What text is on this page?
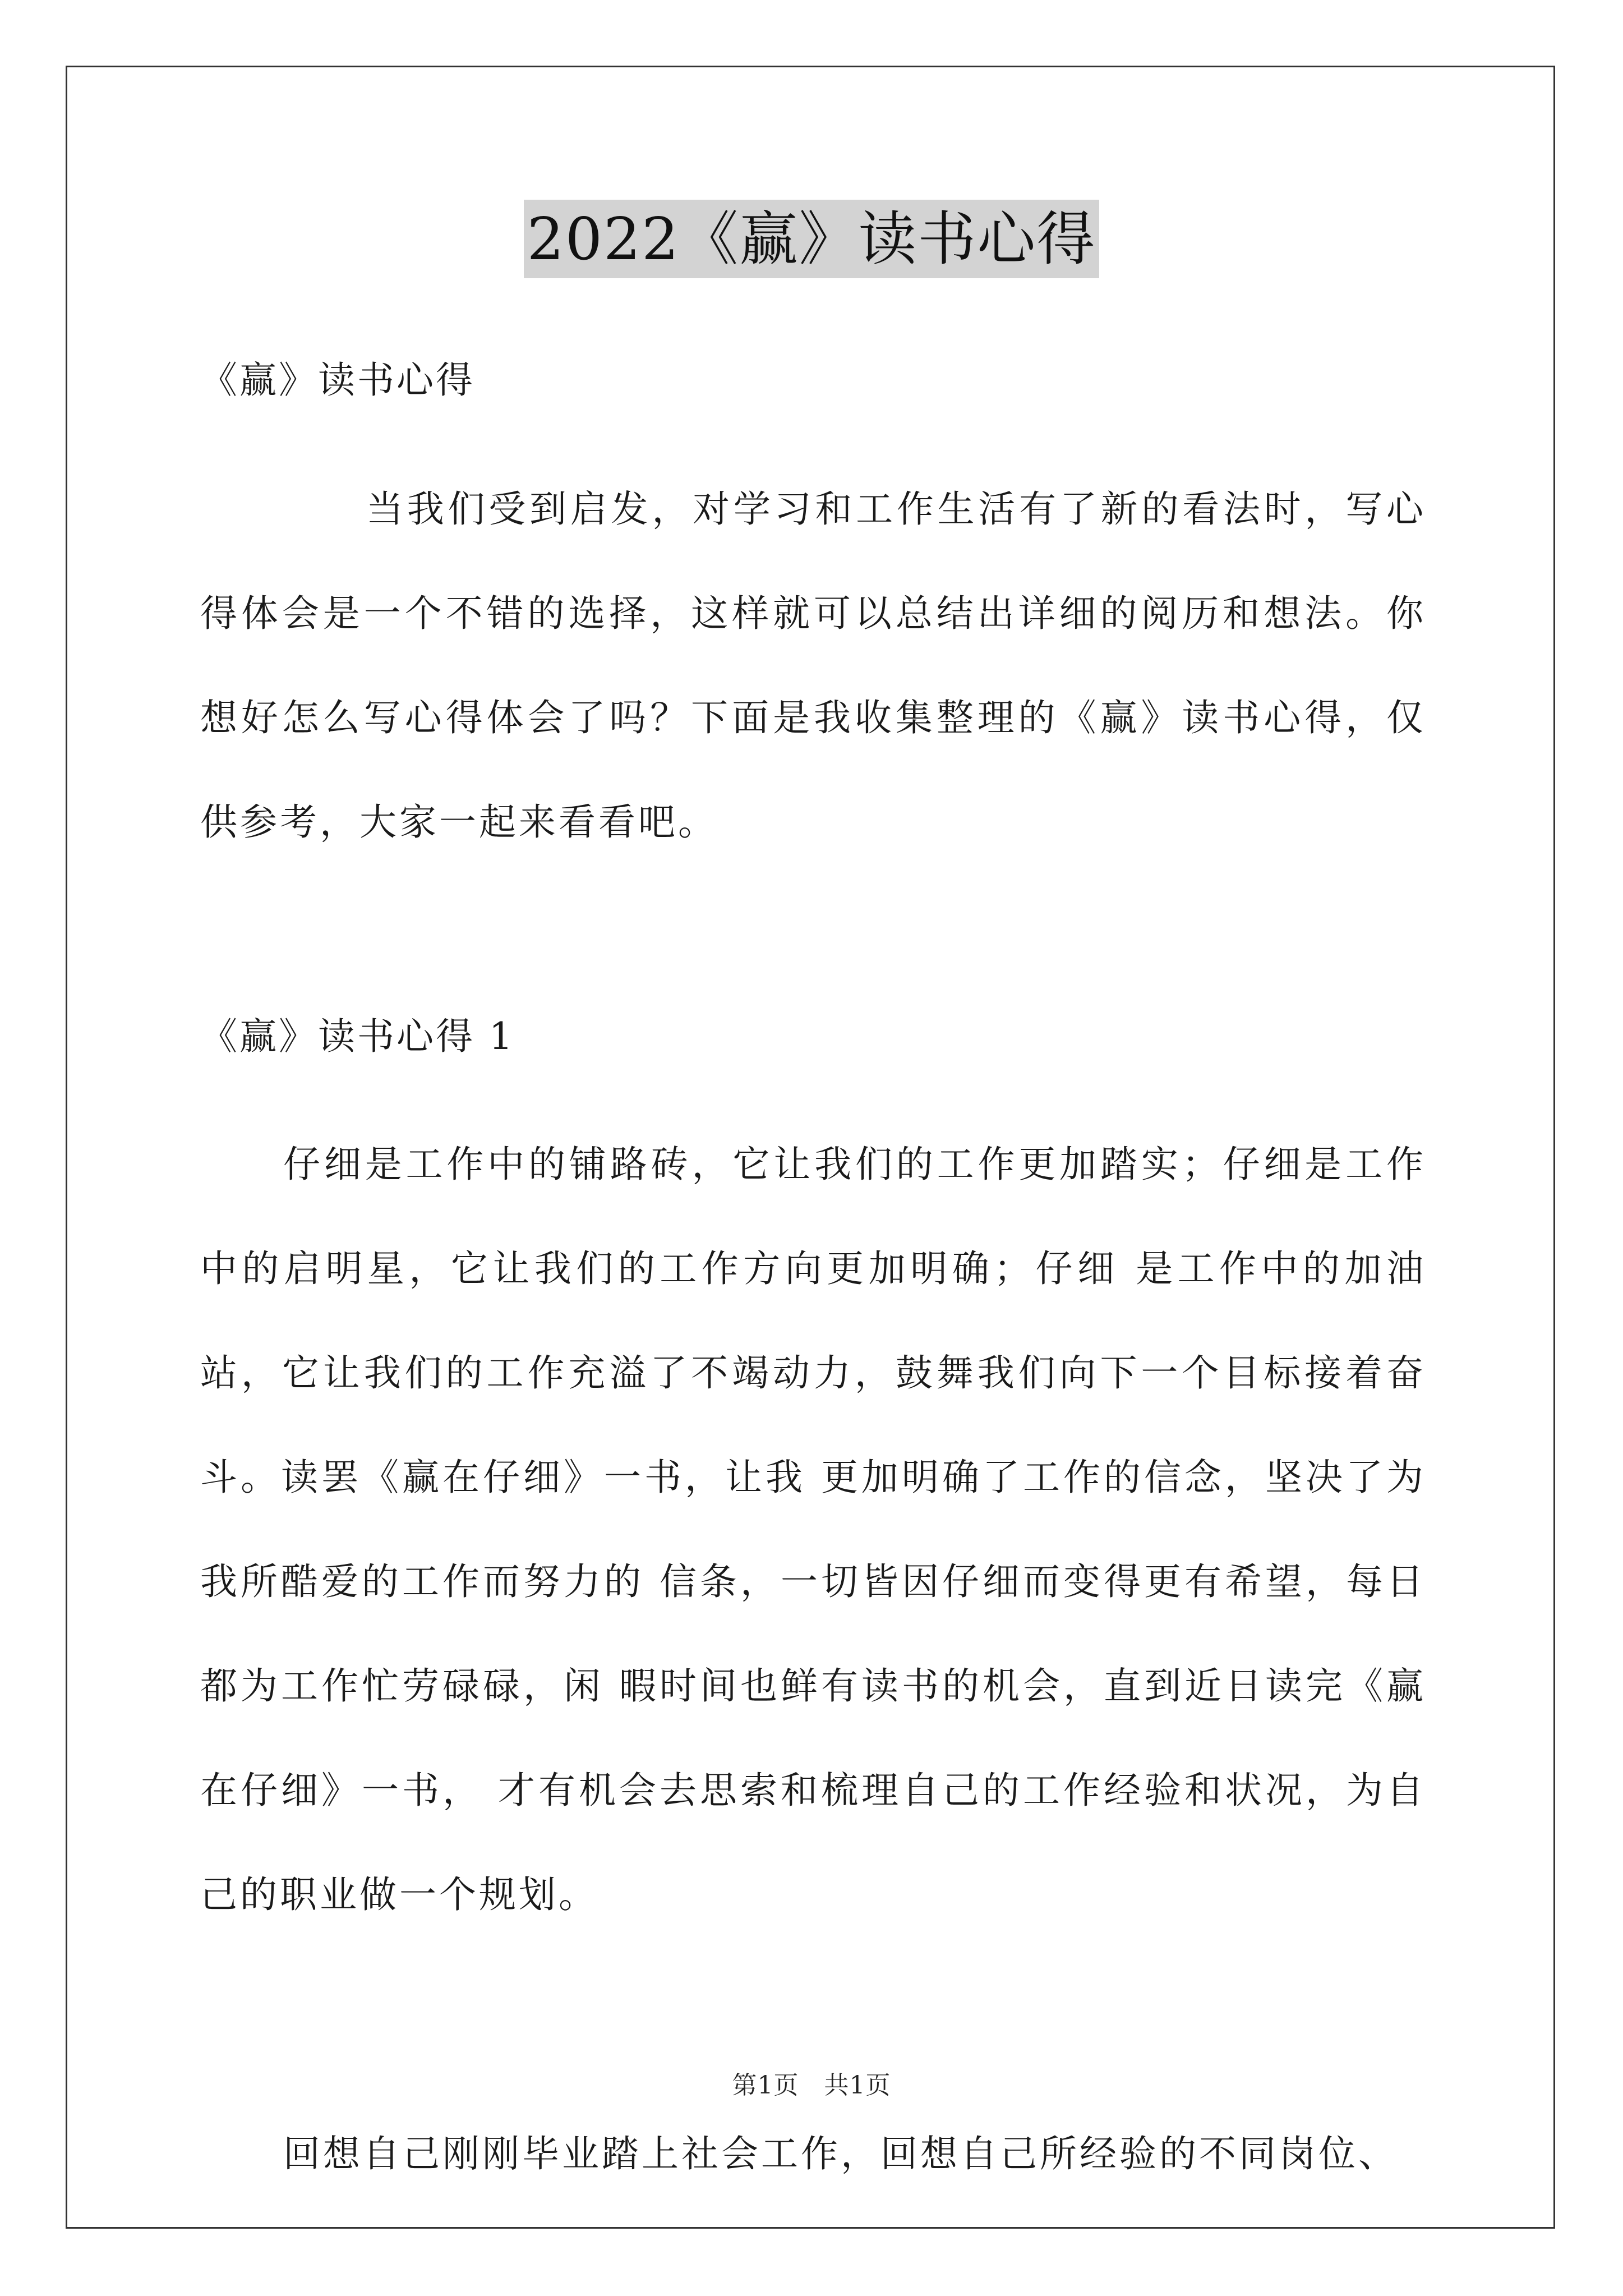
2022《赢》读书心得

《赢》读书心得

当我们受到启发，对学习和工作生活有了新的看法时，写心得体会是一个不错的选择，这样就可以总结出详细的阅历和想法。你想好怎么写心得体会了吗？下面是我收集整理的《赢》读书心得，仅供参考，大家一起来看看吧。

《赢》读书心得 1

仔细是工作中的铺路砖，它让我们的工作更加踏实；仔细是工作中的启明星，它让我们的工作方向更加明确；仔细 是工作中的加油站，它让我们的工作充溢了不竭动力，鼓舞我们向下一个目标接着奋斗。读罢《赢在仔细》一书，让我 更加明确了工作的信念，坚决了为我所酷爱的工作而努力的 信条，一切皆因仔细而变得更有希望，每日都为工作忙劳碌碌，闲 暇时间也鲜有读书的机会，直到近日读完《赢在仔细》一书， 才有机会去思索和梳理自己的工作经验和状况，为自己的职业做一个规划。

回想自己刚刚毕业踏上社会工作，回想自己所经验的不同岗位、

第1页　共1页
